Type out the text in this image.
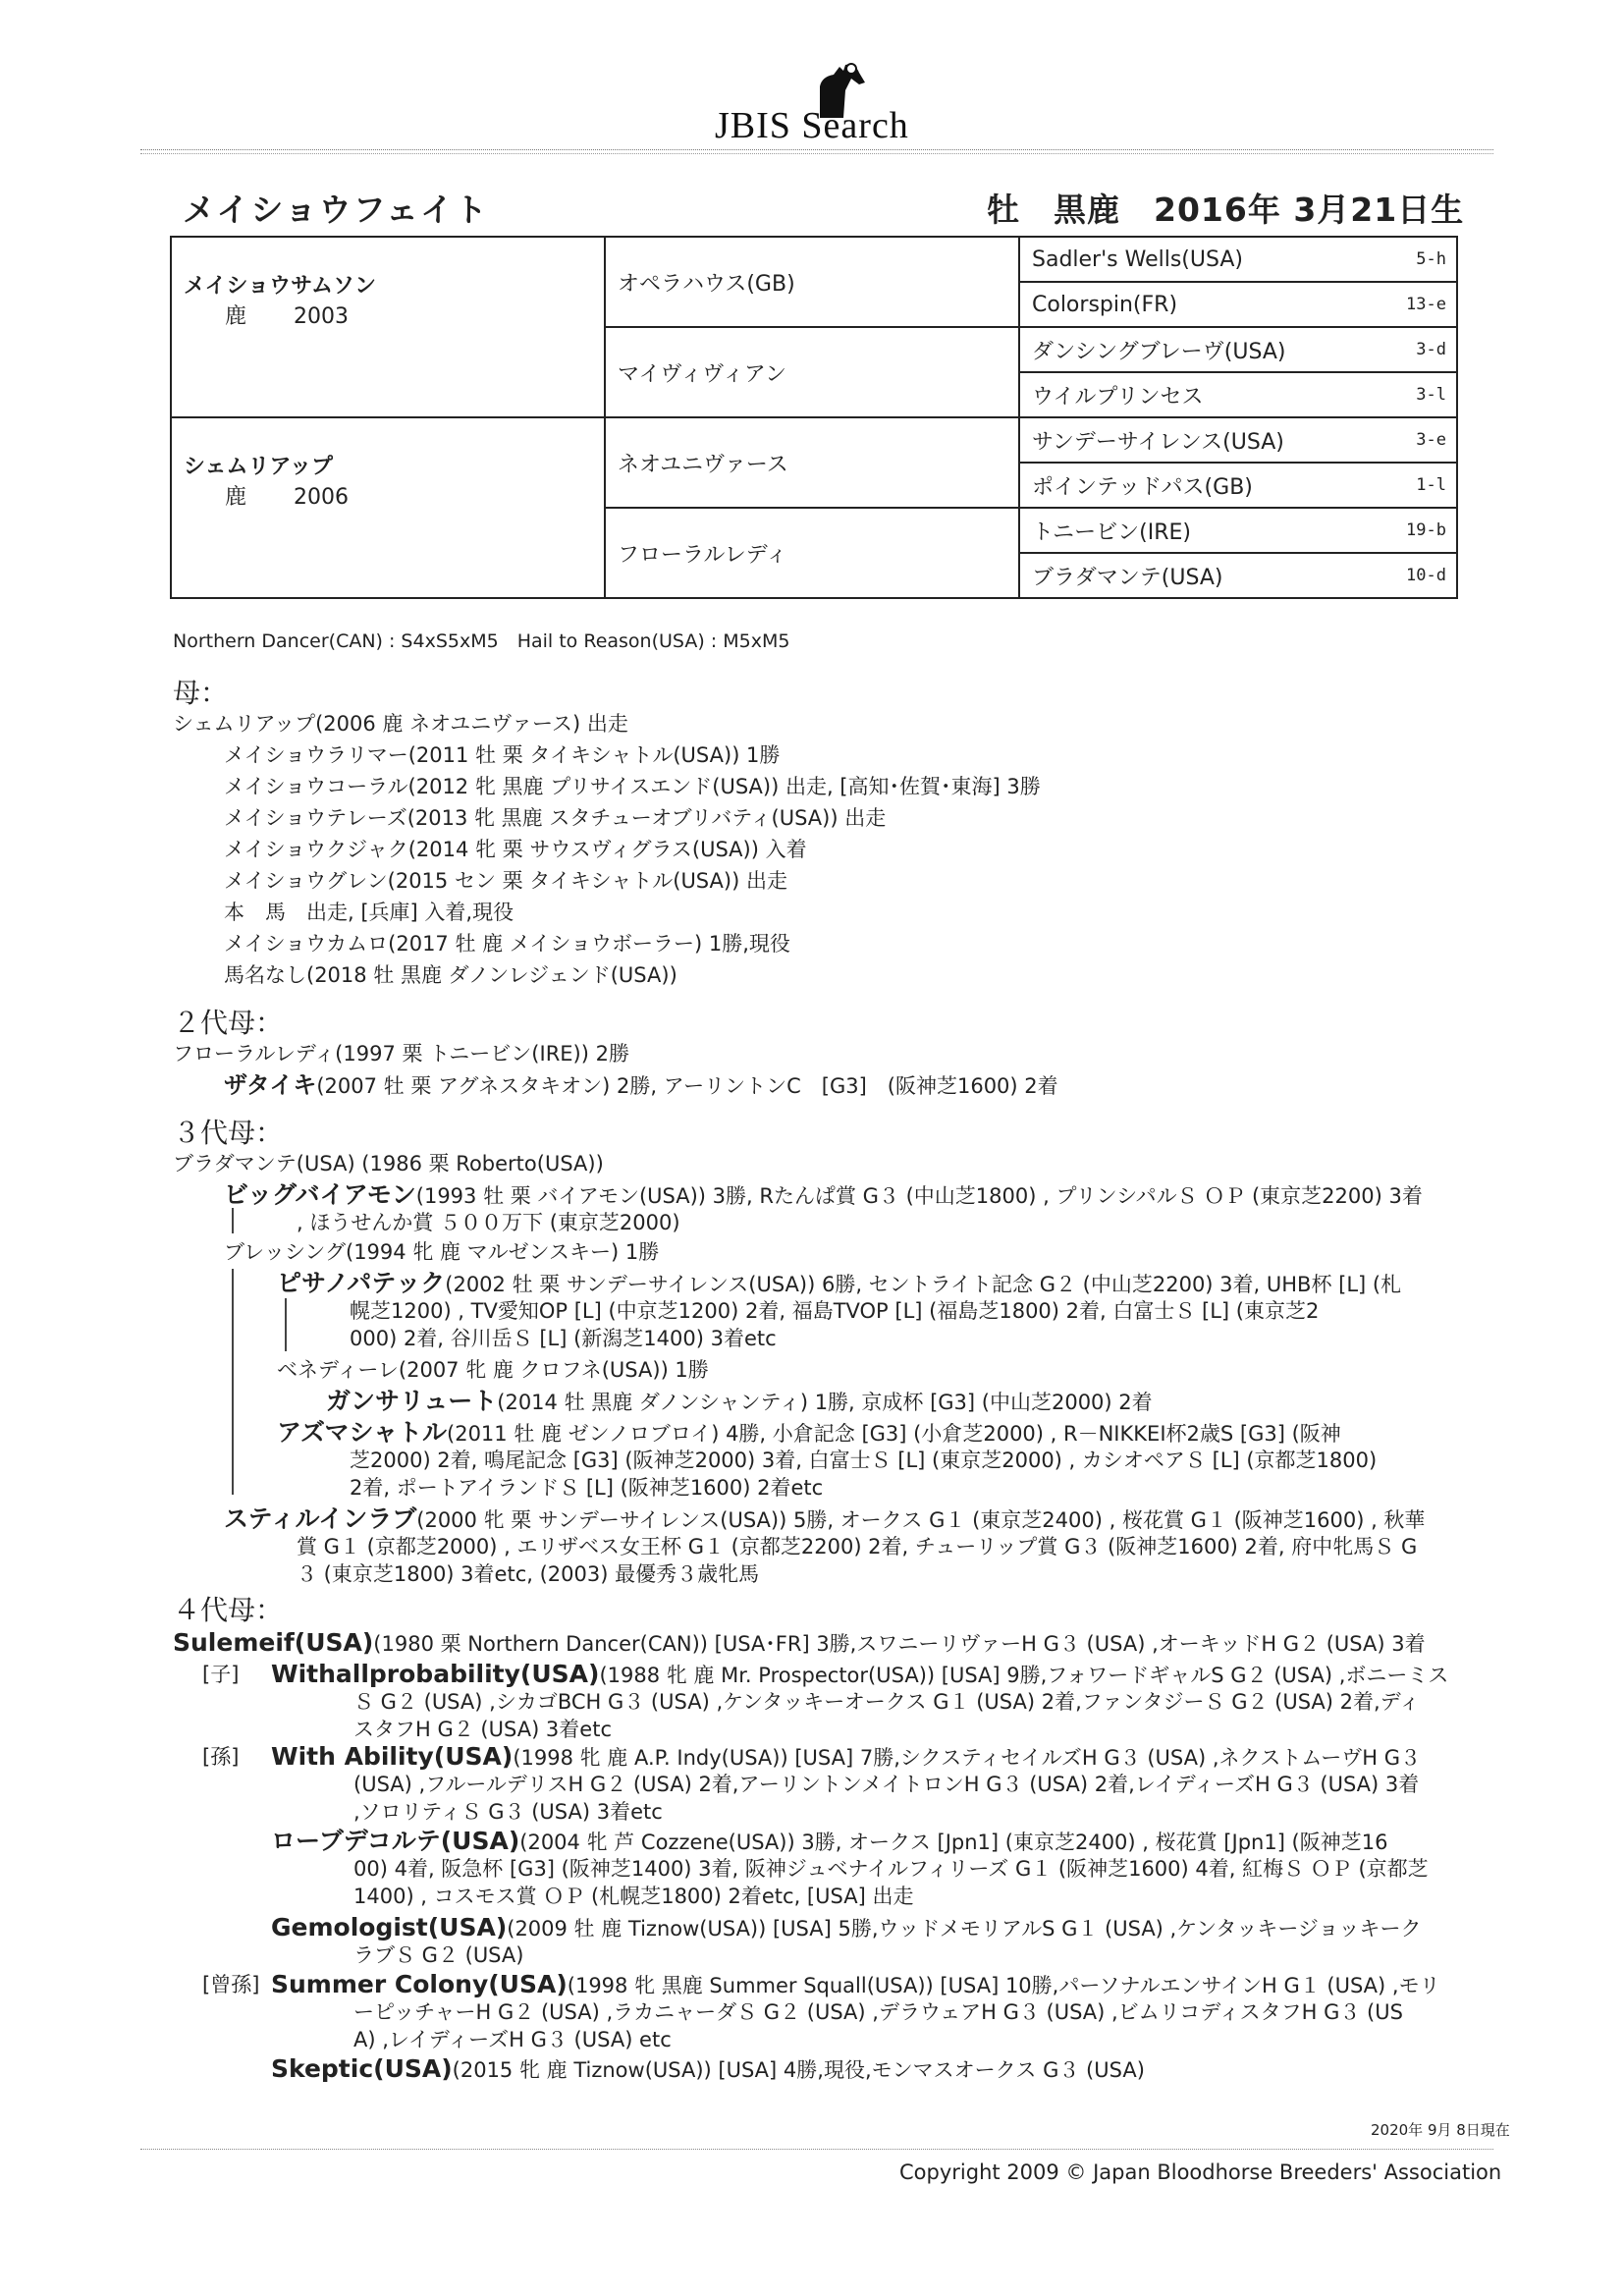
JBIS Search
メイショウフェイト	牡　黒鹿　2016年 3月21日生
メイショウサムソン
鹿 2003	オペラハウス(GB)	Sadler's Wells(USA)	5-h
		Colorspin(FR)	13-e
	マイヴィヴィアン	ダンシングブレーヴ(USA)	3-d
		ウイルプリンセス	3-l

シェムリアップ
鹿 2006	ネオユニヴァース	サンデーサイレンス(USA)	3-e
		ポインテッドパス(GB)	1-l
	フローラルレディ	トニービン(IRE)	19-b
		ブラダマンテ(USA)	10-d
Northern Dancer(CAN) : S4xS5xM5　Hail to Reason(USA) : M5xM5
母：
シェムリアップ(2006 鹿 ネオユニヴァース) 出走
メイショウラリマー(2011 牡 栗 タイキシャトル(USA)) 1勝
メイショウコーラル(2012 牝 黒鹿 プリサイスエンド(USA)) 出走, [高知･佐賀･東海] 3勝
メイショウテレーズ(2013 牝 黒鹿 スタチューオブリバティ(USA)) 出走
メイショウクジャク(2014 牝 栗 サウスヴィグラス(USA)) 入着
メイショウグレン(2015 セン 栗 タイキシャトル(USA)) 出走
本　馬　出走, [兵庫] 入着,現役
メイショウカムロ(2017 牡 鹿 メイショウボーラー) 1勝,現役
馬名なし(2018 牡 黒鹿 ダノンレジェンド(USA))
２代母：
フローラルレディ(1997 栗 トニービン(IRE)) 2勝
ザタイキ(2007 牡 栗 アグネスタキオン) 2勝, アーリントンC　[G3]　(阪神芝1600) 2着
３代母：
ブラダマンテ(USA) (1986 栗 Roberto(USA))
ビッグバイアモン(1993 牡 栗 バイアモン(USA)) 3勝, Rたんぱ賞 G３ (中山芝1800) , プリンシパルＳ ＯＰ (東京芝2200) 3着
, ほうせんか賞 ５００万下 (東京芝2000)
ブレッシング(1994 牝 鹿 マルゼンスキー) 1勝
ピサノパテック(2002 牡 栗 サンデーサイレンス(USA)) 6勝, セントライト記念 G２ (中山芝2200) 3着, UHB杯 [L] (札
幌芝1200) , TV愛知OP [L] (中京芝1200) 2着, 福島TVOP [L] (福島芝1800) 2着, 白富士Ｓ [L] (東京芝2
000) 2着, 谷川岳Ｓ [L] (新潟芝1400) 3着etc
ベネディーレ(2007 牝 鹿 クロフネ(USA)) 1勝
ガンサリュート(2014 牡 黒鹿 ダノンシャンティ) 1勝, 京成杯 [G3] (中山芝2000) 2着
アズマシャトル(2011 牡 鹿 ゼンノロブロイ) 4勝, 小倉記念 [G3] (小倉芝2000) , R－NIKKEI杯2歳S [G3] (阪神
芝2000) 2着, 鳴尾記念 [G3] (阪神芝2000) 3着, 白富士Ｓ [L] (東京芝2000) , カシオペアＳ [L] (京都芝1800)
2着, ポートアイランドＳ [L] (阪神芝1600) 2着etc
スティルインラブ(2000 牝 栗 サンデーサイレンス(USA)) 5勝, オークス G１ (東京芝2400) , 桜花賞 G１ (阪神芝1600) , 秋華
賞 G１ (京都芝2000) , エリザベス女王杯 G１ (京都芝2200) 2着, チューリップ賞 G３ (阪神芝1600) 2着, 府中牝馬Ｓ G
３ (東京芝1800) 3着etc, (2003) 最優秀３歳牝馬
４代母：
Sulemeif(USA)(1980 栗 Northern Dancer(CAN)) [USA･FR] 3勝,スワニーリヴァーH G３ (USA) ,オーキッドH G２ (USA) 3着
[子] Withallprobability(USA)(1988 牝 鹿 Mr. Prospector(USA)) [USA] 9勝,フォワードギャルS G２ (USA) ,ボニーミス
Ｓ G２ (USA) ,シカゴBCH G３ (USA) ,ケンタッキーオークス G１ (USA) 2着,ファンタジーＳ G２ (USA) 2着,ディ
スタフH G２ (USA) 3着etc
[孫] With Ability(USA)(1998 牝 鹿 A.P. Indy(USA)) [USA] 7勝,シクスティセイルズH G３ (USA) ,ネクストムーヴH G３
(USA) ,フルールデリスH G２ (USA) 2着,アーリントンメイトロンH G３ (USA) 2着,レイディーズH G３ (USA) 3着
,ソロリティＳ G３ (USA) 3着etc
ローブデコルテ(USA)(2004 牝 芦 Cozzene(USA)) 3勝, オークス [Jpn1] (東京芝2400) , 桜花賞 [Jpn1] (阪神芝16
00) 4着, 阪急杯 [G3] (阪神芝1400) 3着, 阪神ジュベナイルフィリーズ G１ (阪神芝1600) 4着, 紅梅Ｓ ＯＰ (京都芝
1400) , コスモス賞 ＯＰ (札幌芝1800) 2着etc, [USA] 出走
Gemologist(USA)(2009 牡 鹿 Tiznow(USA)) [USA] 5勝,ウッドメモリアルS G１ (USA) ,ケンタッキージョッキーク
ラブＳ G２ (USA)
[曾孫] Summer Colony(USA)(1998 牝 黒鹿 Summer Squall(USA)) [USA] 10勝,パーソナルエンサインH G１ (USA) ,モリ
ーピッチャーH G２ (USA) ,ラカニャーダＳ G２ (USA) ,デラウェアH G３ (USA) ,ビムリコディスタフH G３ (US
A) ,レイディーズH G３ (USA) etc
Skeptic(USA)(2015 牝 鹿 Tiznow(USA)) [USA] 4勝,現役,モンマスオークス G３ (USA)
2020年 9月 8日現在
Copyright 2009 © Japan Bloodhorse Breeders' Association
